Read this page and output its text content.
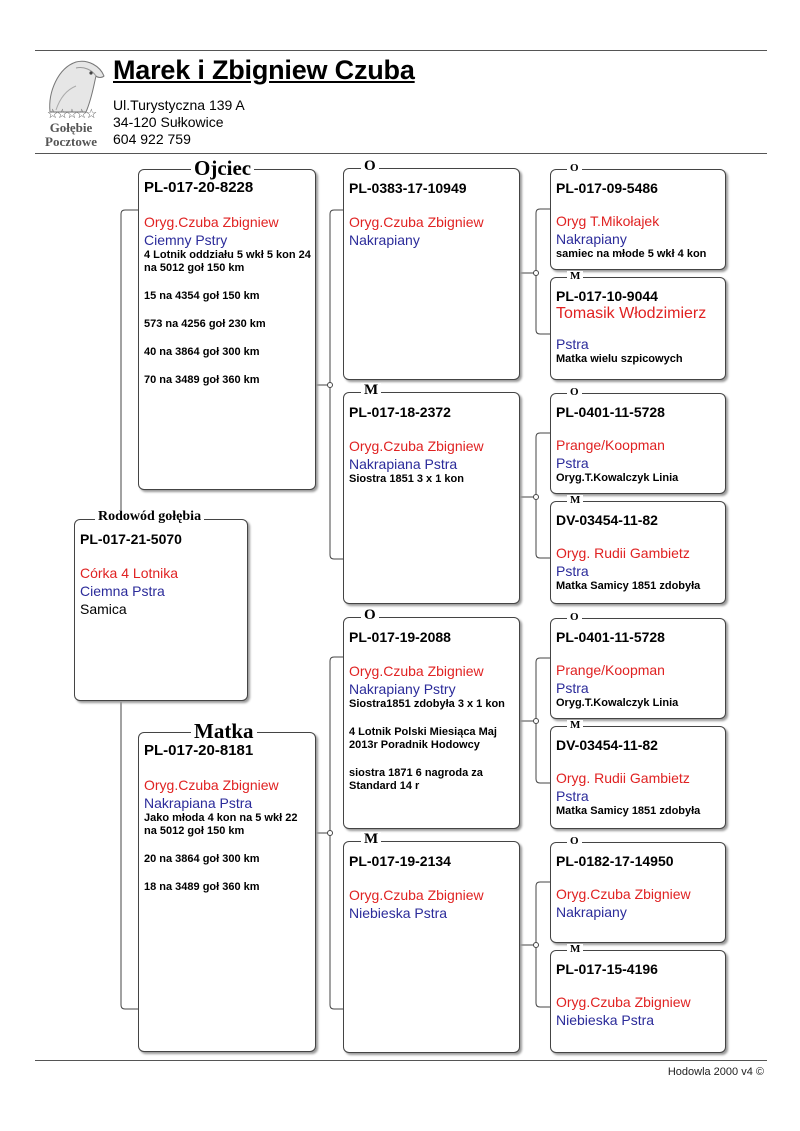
☆☆☆☆☆
Gołębie
Pocztowe
Marek i Zbigniew Czuba
Ul.Turystyczna 139 A
34-120 Sułkowice
604 922 759
PL-017-21-5070
Córka 4 Lotnika
Ciemna Pstra
Samica
Rodowód gołębia
PL-017-20-8228
Oryg.Czuba Zbigniew
Ciemny Pstry
4 Lotnik oddziału 5 wkł 5 kon 24 na 5012 goł 150 km
15 na 4354 goł 150 km
573 na 4256 goł 230 km
40 na 3864 goł 300 km
70 na 3489 goł 360 km
Ojciec
PL-017-20-8181
Oryg.Czuba Zbigniew
Nakrapiana Pstra
Jako młoda 4 kon na 5 wkł 22 na 5012 goł 150 km
20 na 3864 goł 300 km
18 na 3489 goł 360 km
Matka
PL-0383-17-10949
Oryg.Czuba Zbigniew
Nakrapiany
O
PL-017-18-2372
Oryg.Czuba Zbigniew
Nakrapiana Pstra
Siostra 1851 3 x 1 kon
M
PL-017-19-2088
Oryg.Czuba Zbigniew
Nakrapiany Pstry
Siostra1851 zdobyła 3 x 1 kon
4 Lotnik Polski Miesiąca Maj 2013r Poradnik Hodowcy
siostra 1871 6 nagroda za Standard 14 r
O
PL-017-19-2134
Oryg.Czuba Zbigniew
Niebieska Pstra
M
PL-017-09-5486
Oryg T.Mikołajek
Nakrapiany
samiec na młode 5 wkł 4 kon
O
PL-017-10-9044
Tomasik Włodzimierz
Pstra
Matka wielu szpicowych
M
PL-0401-11-5728
Prange/Koopman
Pstra
Oryg.T.Kowalczyk Linia
O
DV-03454-11-82
Oryg. Rudii Gambietz
Pstra
Matka Samicy 1851 zdobyła
M
PL-0401-11-5728
Prange/Koopman
Pstra
Oryg.T.Kowalczyk Linia
O
DV-03454-11-82
Oryg. Rudii Gambietz
Pstra
Matka Samicy 1851 zdobyła
M
PL-0182-17-14950
Oryg.Czuba Zbigniew
Nakrapiany
O
PL-017-15-4196
Oryg.Czuba Zbigniew
Niebieska Pstra
M
Hodowla 2000 v4 ©
